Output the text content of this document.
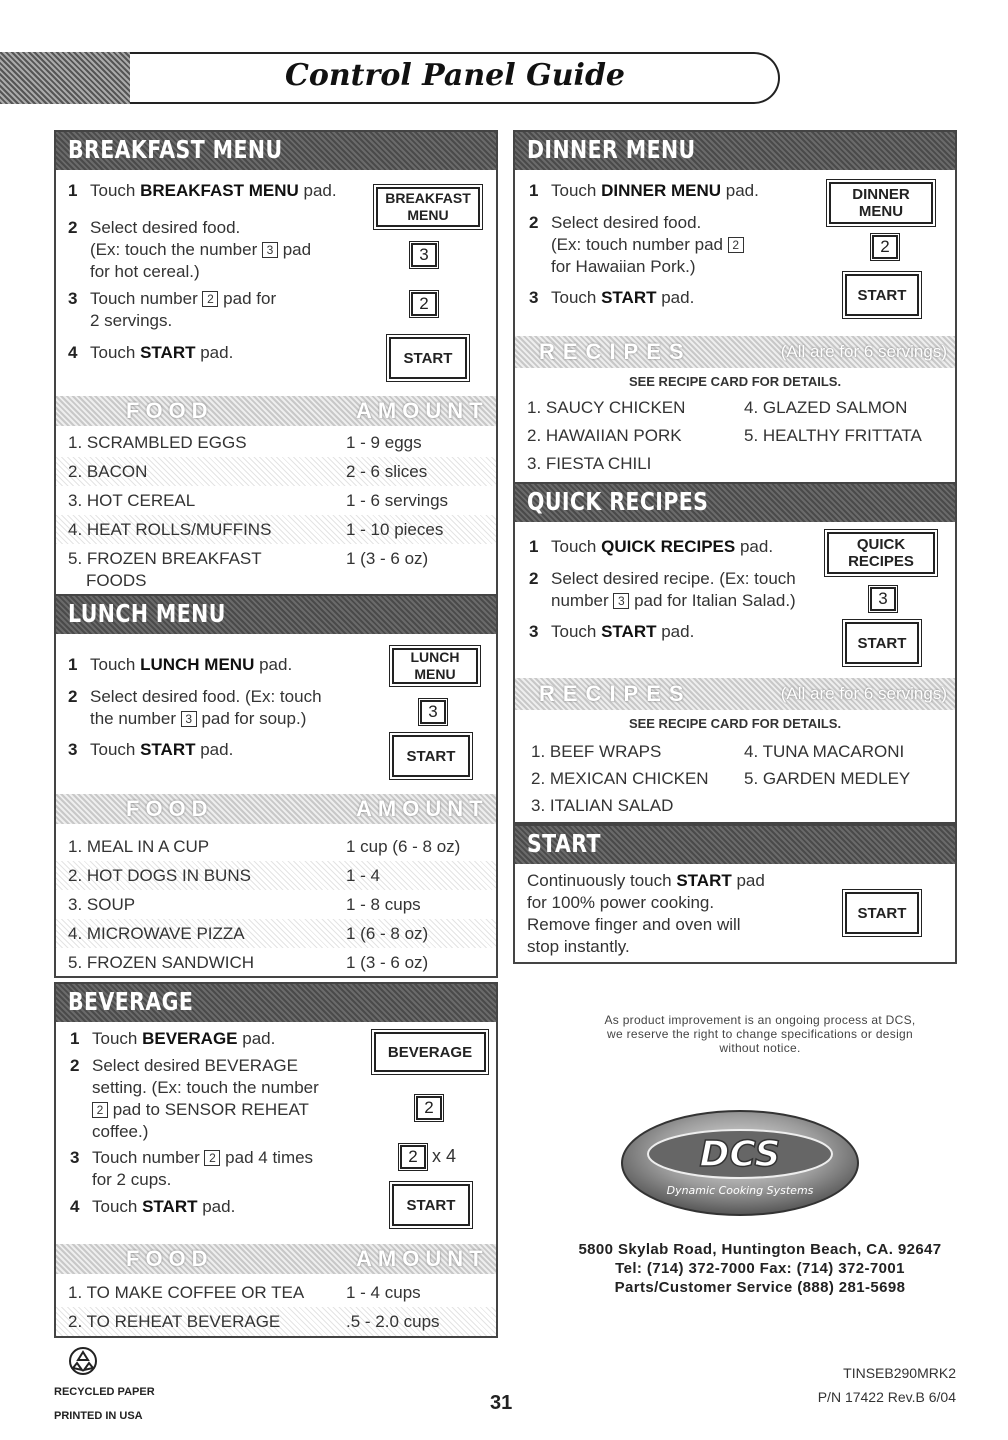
Control Panel Guide
BREAKFAST MENU
1 Touch BREAKFAST MENU pad.
2 Select desired food.
(Ex: touch the number 3 pad
for hot cereal.)
3 Touch number 2 pad for
2 servings.
4 Touch START pad.
BREAKFAST MENU
3
2
START
FOOD	AMOUNT
1. SCRAMBLED EGGS	1 - 9 eggs
2. BACON	2 - 6 slices
3. HOT CEREAL	1 - 6 servings
4. HEAT ROLLS/MUFFINS	1 - 10 pieces
5. FROZEN BREAKFAST
FOODS
1 (3 - 6 oz)
LUNCH MENU
1 Touch LUNCH MENU pad.
2 Select desired food. (Ex: touch
the number 3 pad for soup.)
3 Touch START pad.
LUNCH MENU
3
START
FOOD	AMOUNT
1. MEAL IN A CUP	1 cup (6 - 8 oz)
2. HOT DOGS IN BUNS	1 - 4
3. SOUP	1 - 8 cups
4. MICROWAVE PIZZA	1 (6 - 8 oz)
5. FROZEN SANDWICH	1 (3 - 6 oz)
BEVERAGE
1 Touch BEVERAGE pad.
2 Select desired BEVERAGE
setting. (Ex: touch the number
2 pad to SENSOR REHEAT
coffee.)
3 Touch number 2 pad 4 times
for 2 cups.
4 Touch START pad.
BEVERAGE
2
2 x 4
START
FOOD	AMOUNT
1. TO MAKE COFFEE OR TEA 1 - 4 cups
2. TO REHEAT BEVERAGE	.5 - 2.0 cups
DINNER MENU
1 Touch DINNER MENU pad.
2 Select desired food.
(Ex: touch number pad 2
for Hawaiian Pork.)
3 Touch START pad.
DINNER MENU
2
START
RECIPES	(All are for 6 servings)
SEE RECIPE CARD FOR DETAILS.
1. SAUCY CHICKEN
2. HAWAIIAN PORK
3. FIESTA CHILI
4. GLAZED SALMON
5. HEALTHY FRITTATA
QUICK RECIPES
1 Touch QUICK RECIPES pad.
2 Select desired recipe. (Ex: touch
number 3 pad for Italian Salad.)
3 Touch START pad.
QUICK RECIPES
3
START
RECIPES	(All are for 6 servings)
SEE RECIPE CARD FOR DETAILS.
1. BEEF WRAPS
2. MEXICAN CHICKEN
3. ITALIAN SALAD
4. TUNA MACARONI
5. GARDEN MEDLEY
START
Continuously touch START pad
for 100% power cooking.
Remove finger and oven will
stop instantly.
START
As product improvement is an ongoing process at DCS,
we reserve the right to change specifications or design
without notice.
DCS
Dynamic Cooking Systems
5800 Skylab Road, Huntington Beach, CA. 92647
Tel: (714) 372-7000 Fax: (714) 372-7001
Parts/Customer Service (888) 281-5698
RECYCLED PAPER
PRINTED IN USA
31
TINSEB290MRK2
P/N 17422 Rev.B 6/04
